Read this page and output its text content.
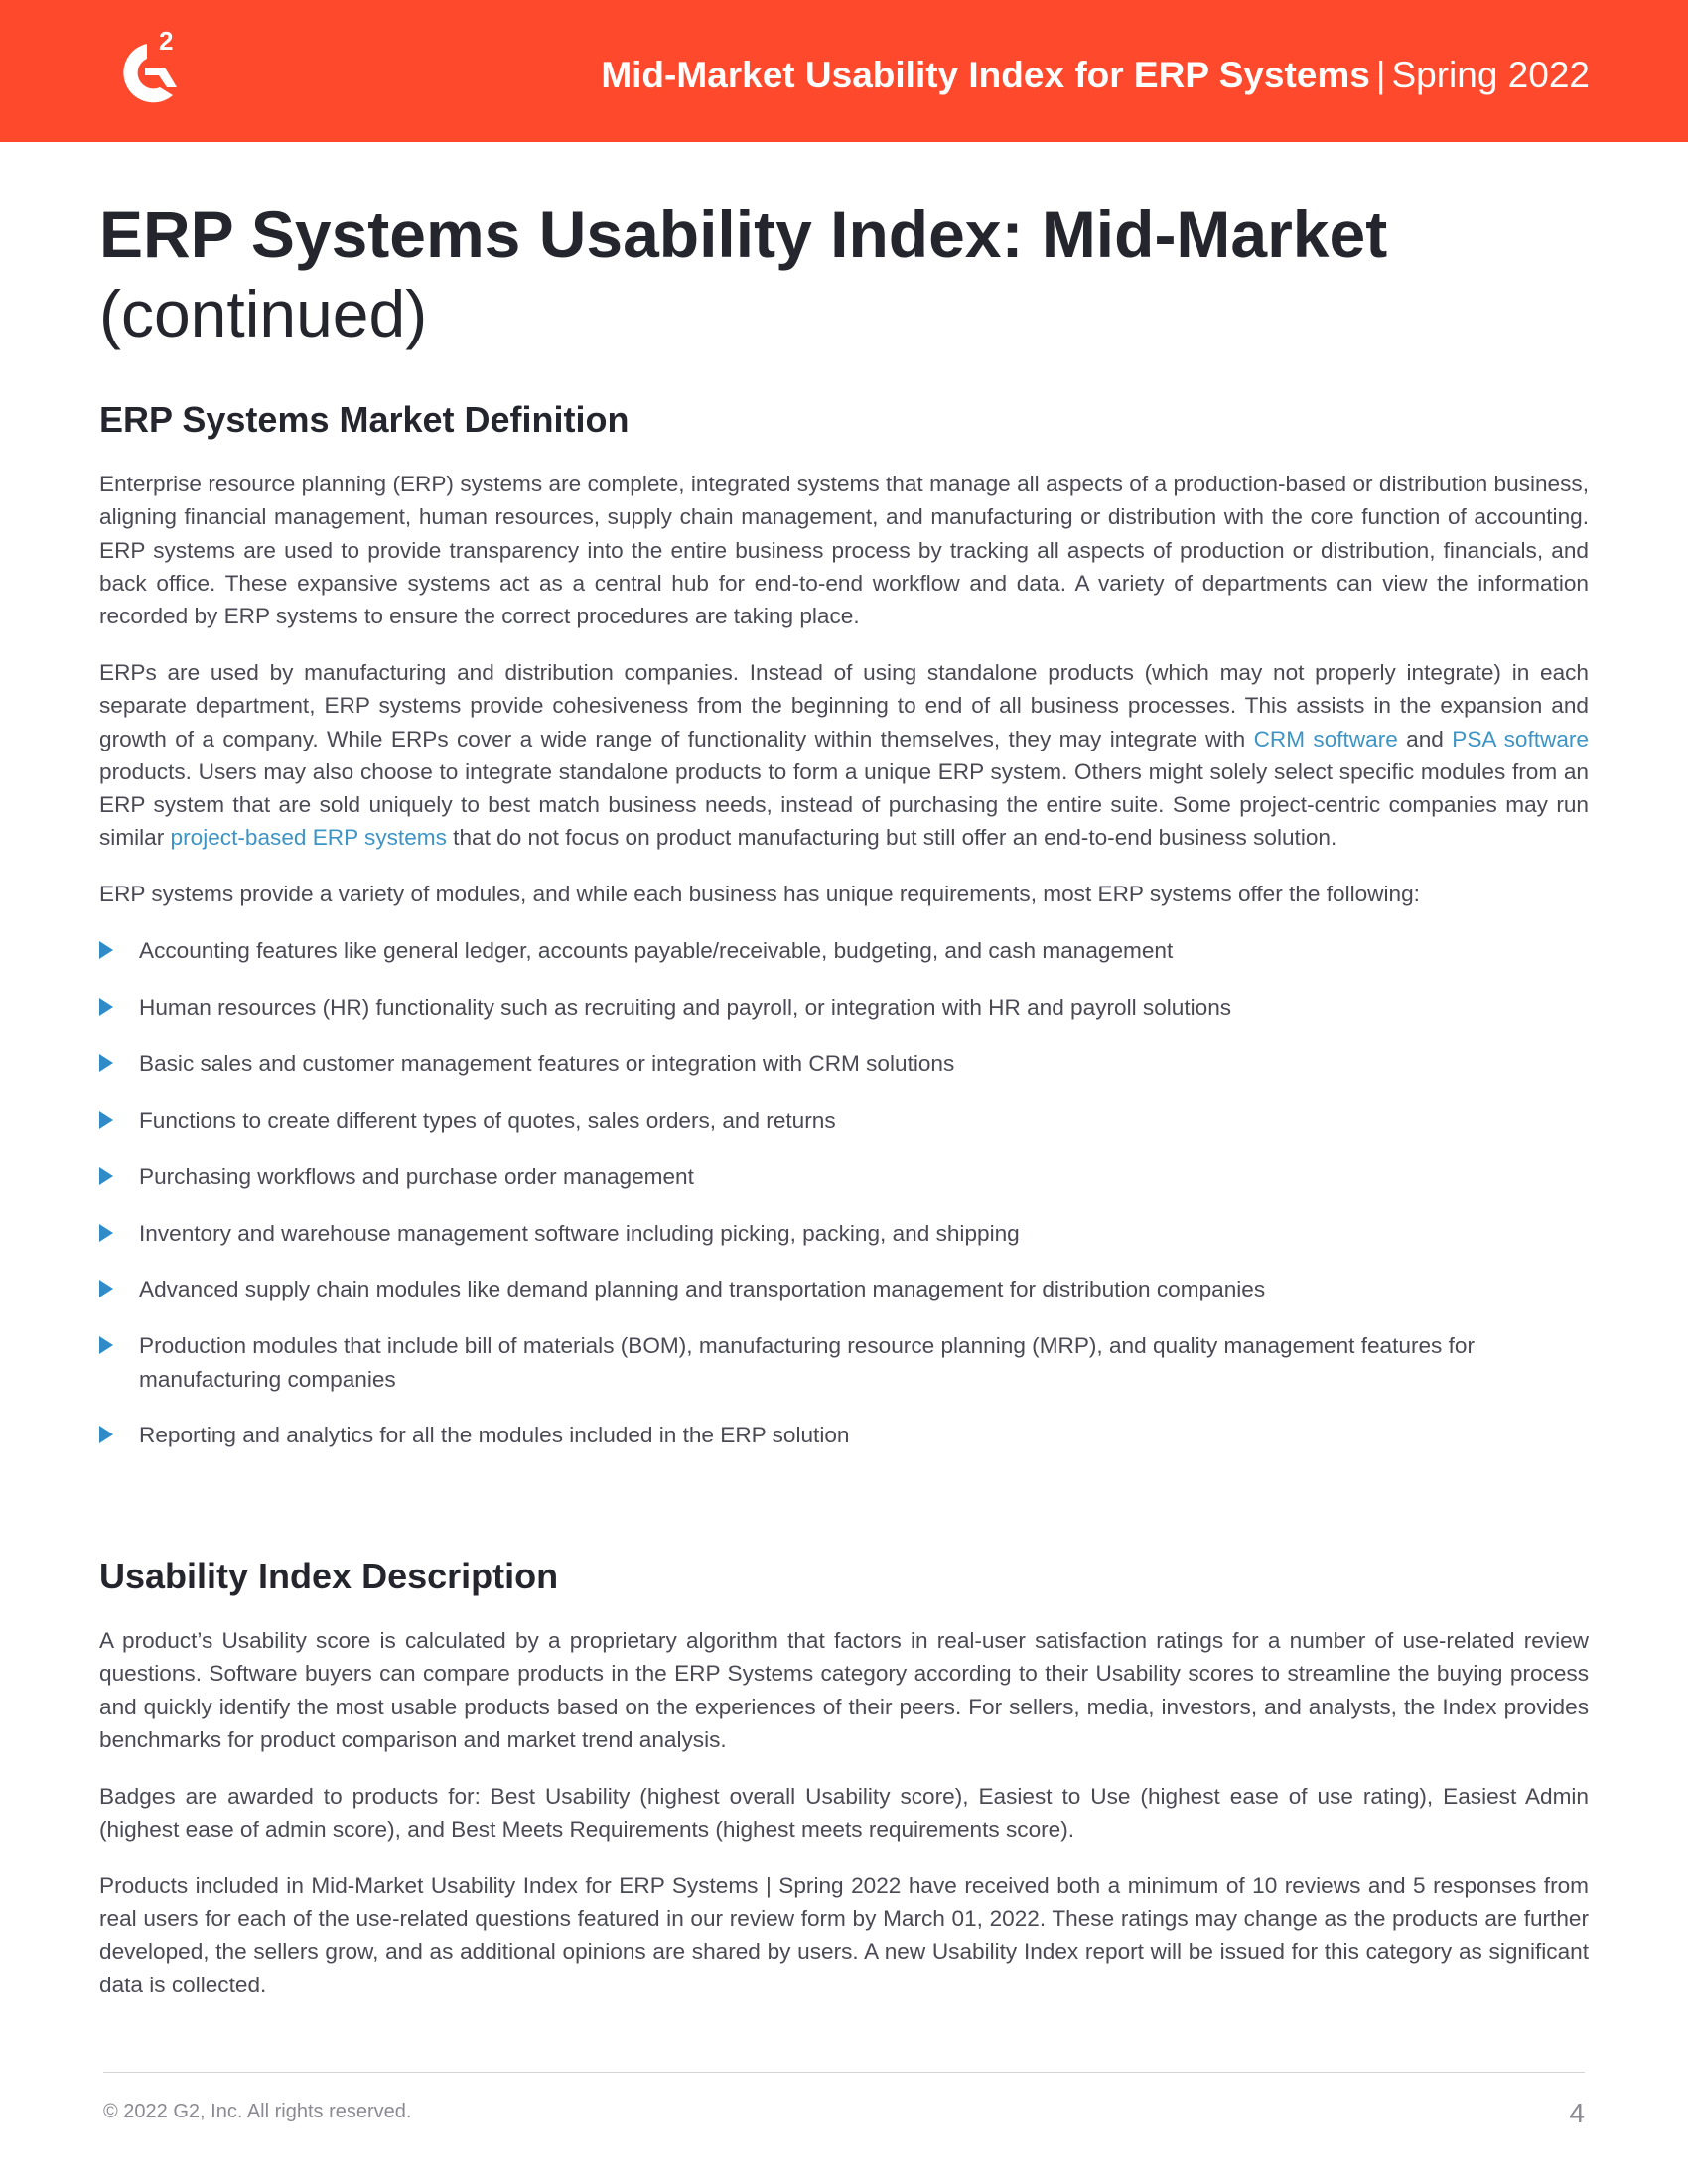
2
Mid-Market Usability Index for ERP Systems | Spring 2022
ERP Systems Usability Index: Mid-Market
(continued)
ERP Systems Market Definition

Enterprise resource planning (ERP) systems are complete, integrated systems that manage all aspects of a production-based or distribution business, aligning financial management, human resources, supply chain management, and manufacturing or distribution with the core function of accounting. ERP systems are used to provide transparency into the entire business process by tracking all aspects of production or distribution, financials, and back office. These expansive systems act as a central hub for end-to-end workflow and data. A variety of departments can view the information recorded by ERP systems to ensure the correct procedures are taking place.

ERPs are used by manufacturing and distribution companies. Instead of using standalone products (which may not properly integrate) in each separate department, ERP systems provide cohesiveness from the beginning to end of all business processes. This assists in the expansion and growth of a company. While ERPs cover a wide range of functionality within themselves, they may integrate with CRM software and PSA software products. Users may also choose to integrate standalone products to form a unique ERP system. Others might solely select specific modules from an ERP system that are sold uniquely to best match business needs, instead of purchasing the entire suite. Some project-centric companies may run similar project-based ERP systems that do not focus on product manufacturing but still offer an end-to-end business solution.

ERP systems provide a variety of modules, and while each business has unique requirements, most ERP systems offer the following:

Accounting features like general ledger, accounts payable/receivable, budgeting, and cash management
Human resources (HR) functionality such as recruiting and payroll, or integration with HR and payroll solutions
Basic sales and customer management features or integration with CRM solutions
Functions to create different types of quotes, sales orders, and returns
Purchasing workflows and purchase order management
Inventory and warehouse management software including picking, packing, and shipping
Advanced supply chain modules like demand planning and transportation management for distribution companies
Production modules that include bill of materials (BOM), manufacturing resource planning (MRP), and quality management features for manufacturing companies
Reporting and analytics for all the modules included in the ERP solution
Usability Index Description

A product’s Usability score is calculated by a proprietary algorithm that factors in real-user satisfaction ratings for a number of use-related review questions. Software buyers can compare products in the ERP Systems category according to their Usability scores to streamline the buying process and quickly identify the most usable products based on the experiences of their peers. For sellers, media, investors, and analysts, the Index provides benchmarks for product comparison and market trend analysis.

Badges are awarded to products for: Best Usability (highest overall Usability score), Easiest to Use (highest ease of use rating), Easiest Admin (highest ease of admin score), and Best Meets Requirements (highest meets requirements score).

Products included in Mid-Market Usability Index for ERP Systems | Spring 2022 have received both a minimum of 10 reviews and 5 responses from real users for each of the use-related questions featured in our review form by March 01, 2022. These ratings may change as the products are further developed, the sellers grow, and as additional opinions are shared by users. A new Usability Index report will be issued for this category as significant data is collected.

© 2022 G2, Inc. All rights reserved.	4
